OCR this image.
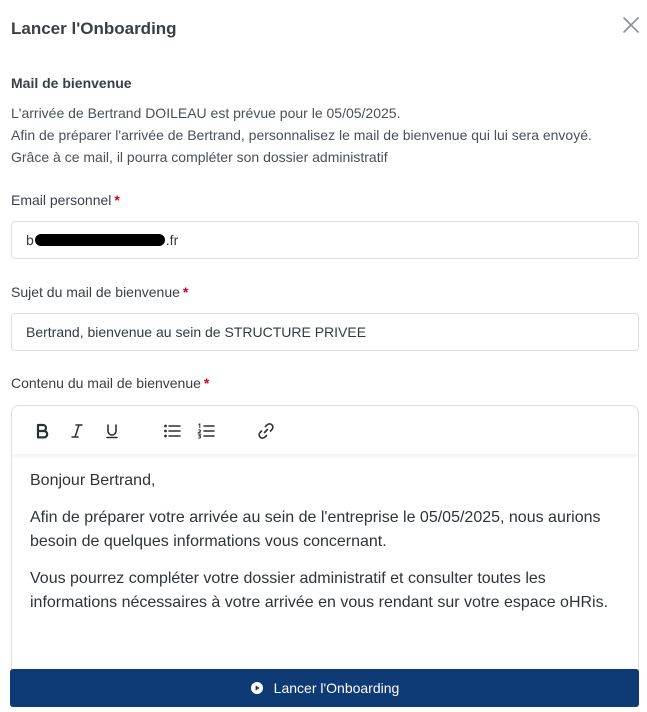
Lancer l'Onboarding
Mail de bienvenue
L'arrivée de Bertrand DOILEAU est prévue pour le 05/05/2025.
Afin de préparer l'arrivée de Bertrand, personnalisez le mail de bienvenue qui lui sera envoyé.
Grâce à ce mail, il pourra compléter son dossier administratif
Email personnel *
b	.fr
Sujet du mail de bienvenue *
Bertrand, bienvenue au sein de STRUCTURE PRIVEE
Contenu du mail de bienvenue *

Bonjour Bertrand,

Afin de préparer votre arrivée au sein de l'entreprise le 05/05/2025, nous aurions besoin de quelques informations vous concernant.

Vous pourrez compléter votre dossier administratif et consulter toutes les informations nécessaires à votre arrivée en vous rendant sur votre espace oHRis.

Lancer l'Onboarding
